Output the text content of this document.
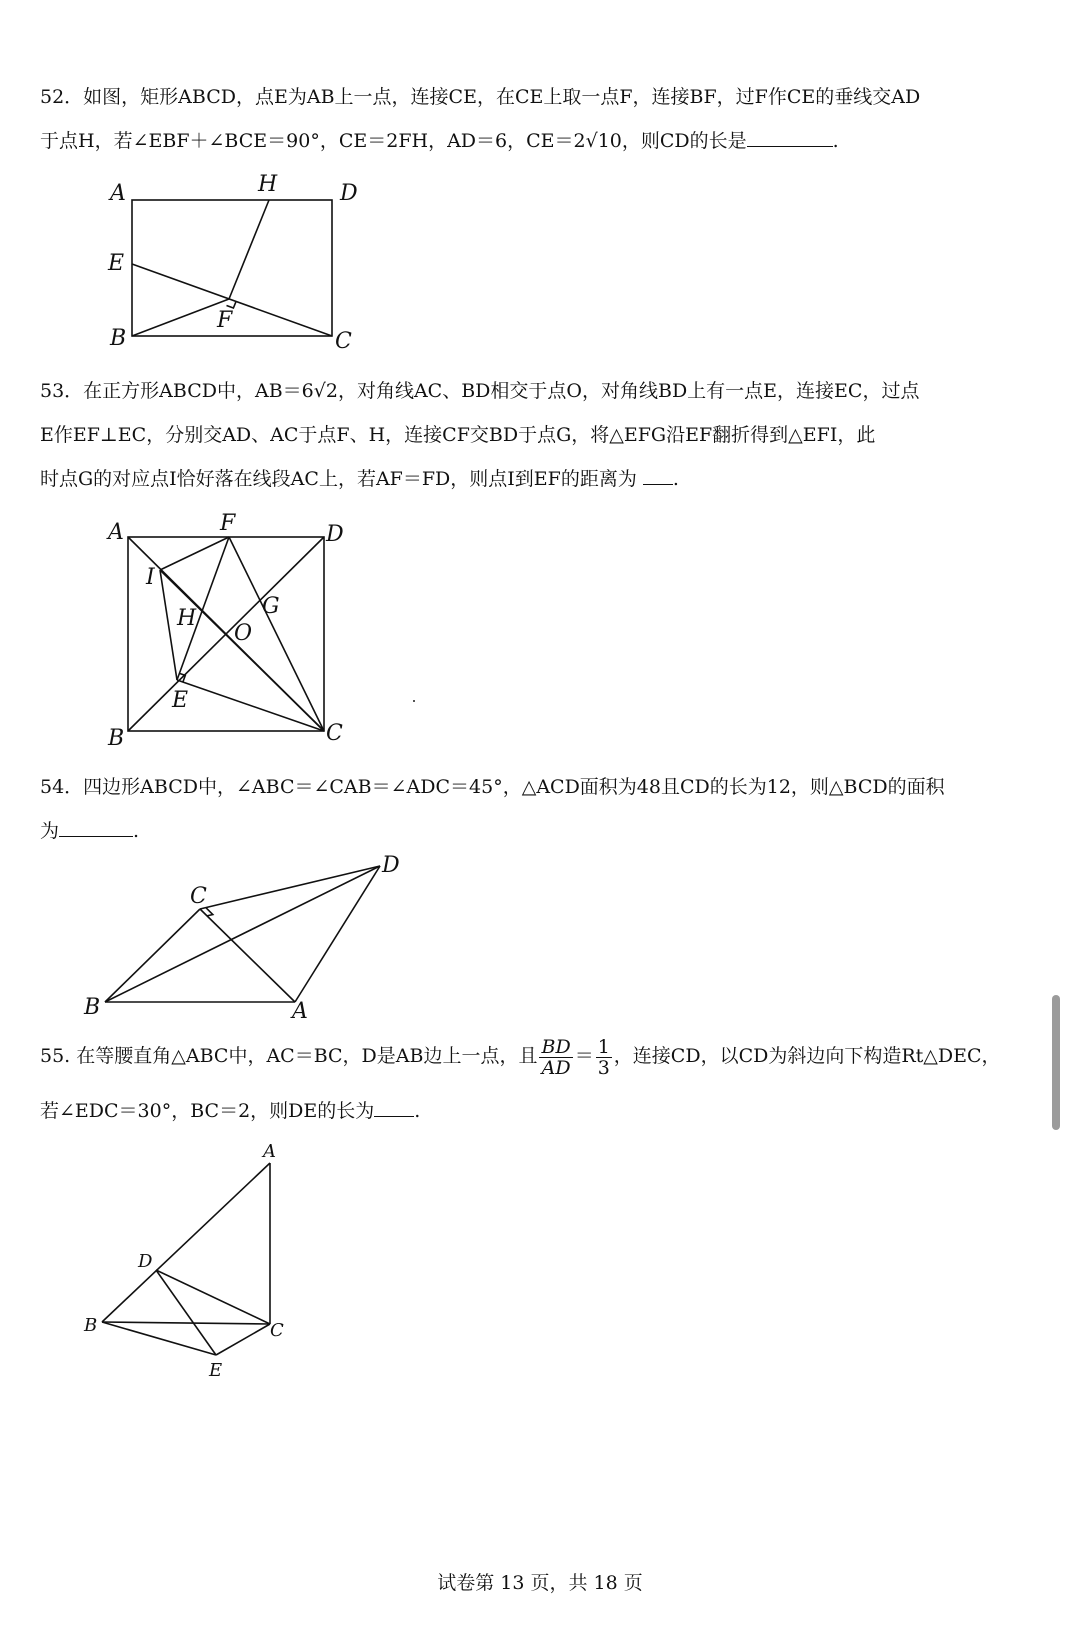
52．如图，矩形ABCD，点E为AB上一点，连接CE，在CE上取一点F，连接BF，过F作CE的垂线交AD
于点H，若∠EBF＋∠BCE＝90°，CE＝2FH，AD＝6，CE＝2√10，则CD的长是	.
A	H	D
E
F
B	C
53．在正方形ABCD中，AB＝6√2，对角线AC、BD相交于点O，对角线BD上有一点E，连接EC，过点
E作EF⊥EC，分别交AD、AC于点F、H，连接CF交BD于点G，将△EFG沿EF翻折得到△EFI，此
时点G的对应点I恰好落在线段AC上，若AF＝FD，则点I到EF的距离为 .
A	F	D
I
G
H
O
E
B	C
54．四边形ABCD中，∠ABC＝∠CAB＝∠ADC＝45°，△ACD面积为48且CD的长为12，则△BCD的面积
为	.
D
C
B	A
55. 在等腰直角△ABC中，AC＝BC，D是AB边上一点，且 $\frac{BD}{AD} = \frac{1}{3}$ ，连接CD，以CD为斜边向下构造Rt△DEC，
若∠EDC＝30°，BC＝2，则DE的长为 .
A
D
B	C
E
试卷第 13 页，共 18 页
